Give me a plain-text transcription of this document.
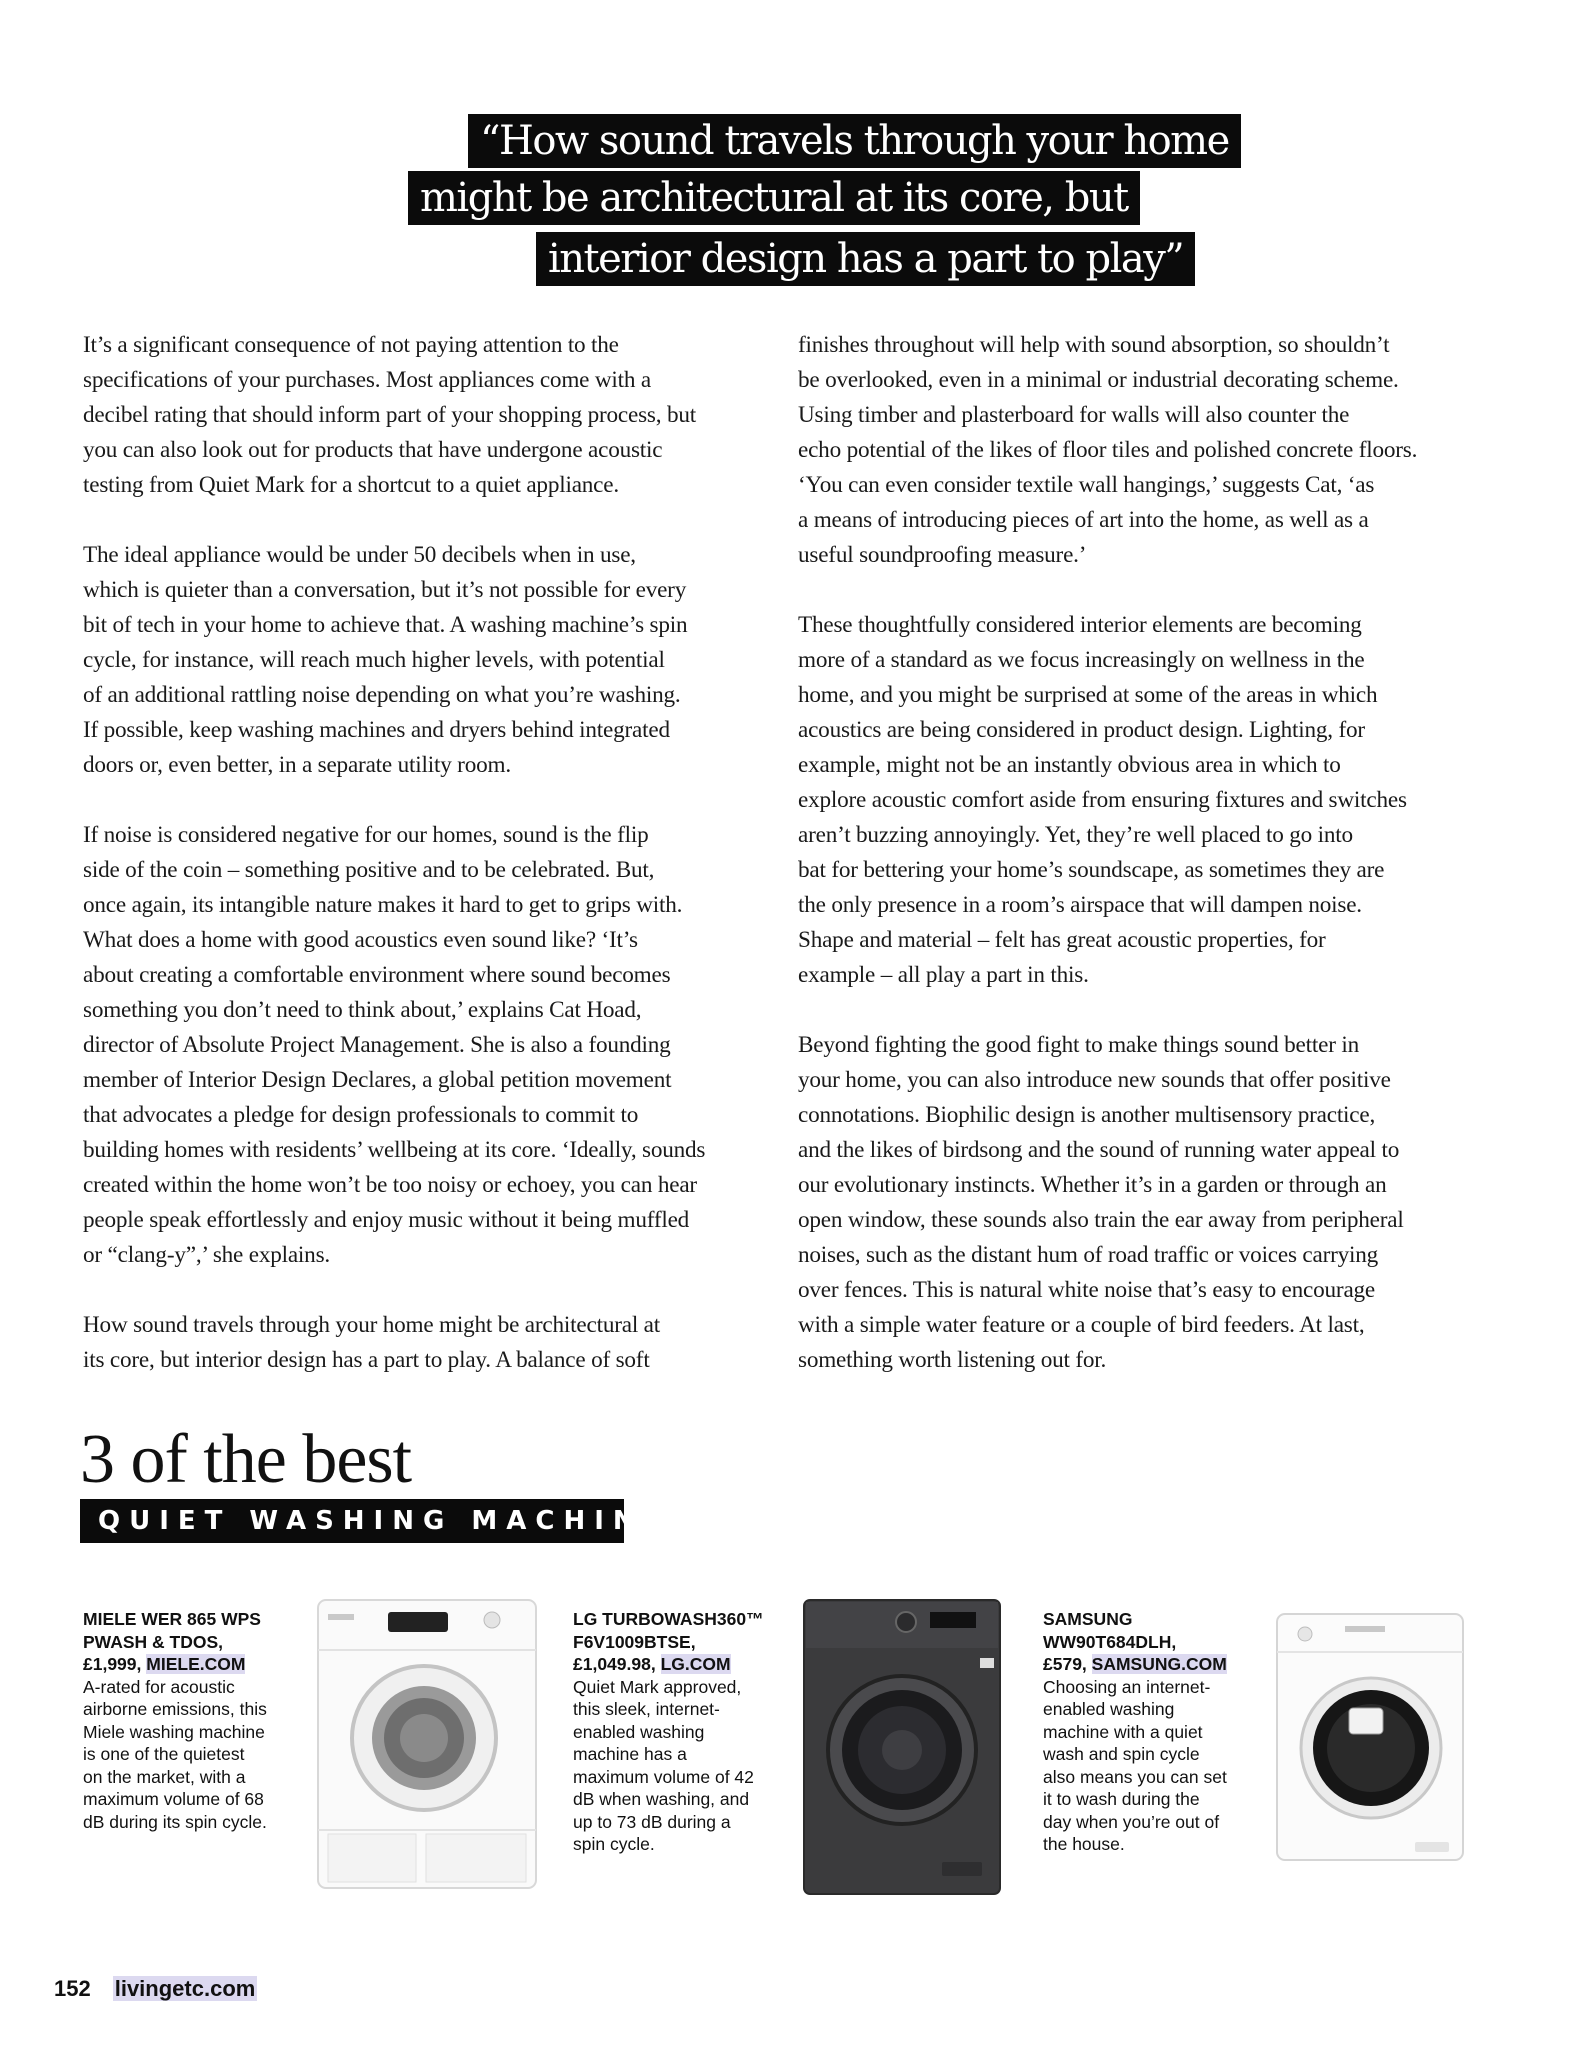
“How sound travels through your home
might be architectural at its core, but
interior design has a part to play”
It’s a significant consequence of not paying attention to the
specifications of your purchases. Most appliances come with a
decibel rating that should inform part of your shopping process, but
you can also look out for products that have undergone acoustic
testing from Quiet Mark for a shortcut to a quiet appliance.
The ideal appliance would be under 50 decibels when in use,
which is quieter than a conversation, but it’s not possible for every
bit of tech in your home to achieve that. A washing machine’s spin
cycle, for instance, will reach much higher levels, with potential
of an additional rattling noise depending on what you’re washing.
If possible, keep washing machines and dryers behind integrated
doors or, even better, in a separate utility room.
If noise is considered negative for our homes, sound is the flip
side of the coin – something positive and to be celebrated. But,
once again, its intangible nature makes it hard to get to grips with.
What does a home with good acoustics even sound like? ‘It’s
about creating a comfortable environment where sound becomes
something you don’t need to think about,’ explains Cat Hoad,
director of Absolute Project Management. She is also a founding
member of Interior Design Declares, a global petition movement
that advocates a pledge for design professionals to commit to
building homes with residents’ wellbeing at its core. ‘Ideally, sounds
created within the home won’t be too noisy or echoey, you can hear
people speak effortlessly and enjoy music without it being muffled
or “clang-y”,’ she explains.
How sound travels through your home might be architectural at
its core, but interior design has a part to play. A balance of soft
finishes throughout will help with sound absorption, so shouldn’t
be overlooked, even in a minimal or industrial decorating scheme.
Using timber and plasterboard for walls will also counter the
echo potential of the likes of floor tiles and polished concrete floors.
‘You can even consider textile wall hangings,’ suggests Cat, ‘as
a means of introducing pieces of art into the home, as well as a
useful soundproofing measure.’
These thoughtfully considered interior elements are becoming
more of a standard as we focus increasingly on wellness in the
home, and you might be surprised at some of the areas in which
acoustics are being considered in product design. Lighting, for
example, might not be an instantly obvious area in which to
explore acoustic comfort aside from ensuring fixtures and switches
aren’t buzzing annoyingly. Yet, they’re well placed to go into
bat for bettering your home’s soundscape, as sometimes they are
the only presence in a room’s airspace that will dampen noise.
Shape and material – felt has great acoustic properties, for
example – all play a part in this.
Beyond fighting the good fight to make things sound better in
your home, you can also introduce new sounds that offer positive
connotations. Biophilic design is another multisensory practice,
and the likes of birdsong and the sound of running water appeal to
our evolutionary instincts. Whether it’s in a garden or through an
open window, these sounds also train the ear away from peripheral
noises, such as the distant hum of road traffic or voices carrying
over fences. This is natural white noise that’s easy to encourage
with a simple water feature or a couple of bird feeders. At last,
something worth listening out for.
3 of the best
QUIET WASHING MACHINES
MIELE WER 865 WPS
PWASH & TDOS,
£1,999, MIELE.COM
A-rated for acoustic
airborne emissions, this
Miele washing machine
is one of the quietest
on the market, with a
maximum volume of 68
dB during its spin cycle.
LG TURBOWASH360™
F6V1009BTSE,
£1,049.98, LG.COM
Quiet Mark approved,
this sleek, internet-
enabled washing
machine has a
maximum volume of 42
dB when washing, and
up to 73 dB during a
spin cycle.
SAMSUNG
WW90T684DLH,
£579, SAMSUNG.COM
Choosing an internet-
enabled washing
machine with a quiet
wash and spin cycle
also means you can set
it to wash during the
day when you’re out of
the house.
152 livingetc.com
